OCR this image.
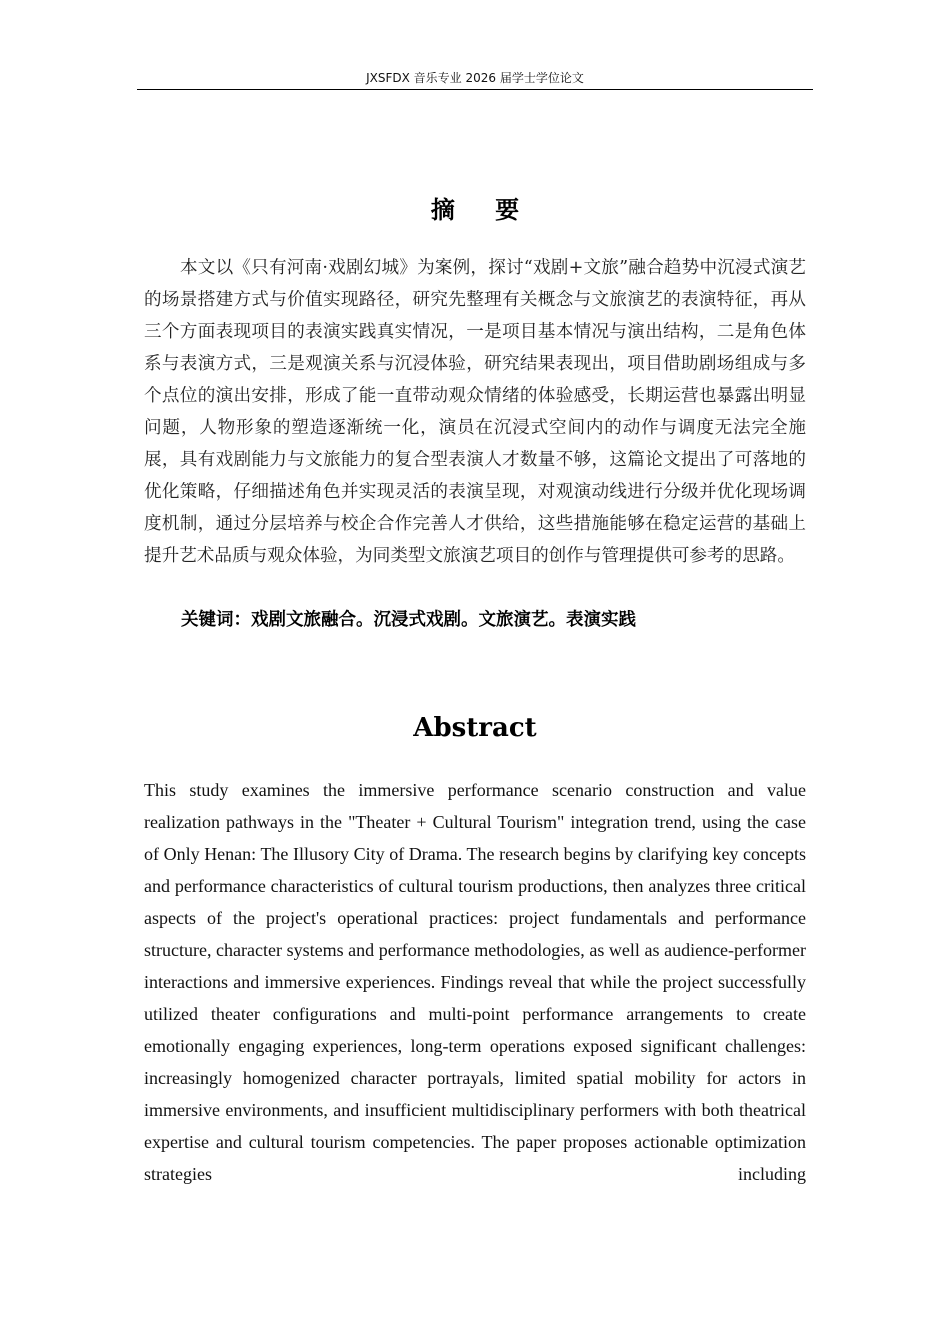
JXSFDX 音乐专业 2026 届学士学位论文
摘 要

本文以《只有河南·戏剧幻城》为案例，探讨“戏剧+文旅”融合趋势中沉浸式演艺的场景搭建方式与价值实现路径，研究先整理有关概念与文旅演艺的表演特征，再从三个方面表现项目的表演实践真实情况，一是项目基本情况与演出结构，二是角色体系与表演方式，三是观演关系与沉浸体验，研究结果表现出，项目借助剧场组成与多个点位的演出安排，形成了能一直带动观众情绪的体验感受，长期运营也暴露出明显问题，人物形象的塑造逐渐统一化，演员在沉浸式空间内的动作与调度无法完全施展，具有戏剧能力与文旅能力的复合型表演人才数量不够，这篇论文提出了可落地的优化策略，仔细描述角色并实现灵活的表演呈现，对观演动线进行分级并优化现场调度机制，通过分层培养与校企合作完善人才供给，这些措施能够在稳定运营的基础上提升艺术品质与观众体验，为同类型文旅演艺项目的创作与管理提供可参考的思路。

关键词：戏剧文旅融合。沉浸式戏剧。文旅演艺。表演实践

Abstract

This study examines the immersive performance scenario construction and value realization pathways in the "Theater + Cultural Tourism" integration trend, using the case of Only Henan: The Illusory City of Drama. The research begins by clarifying key concepts and performance characteristics of cultural tourism productions, then analyzes three critical aspects of the project's operational practices: project fundamentals and performance structure, character systems and performance methodologies, as well as audience-performer interactions and immersive experiences. Findings reveal that while the project successfully utilized theater configurations and multi-point performance arrangements to create emotionally engaging experiences, long-term operations exposed significant challenges: increasingly homogenized character portrayals, limited spatial mobility for actors in immersive environments, and insufficient multidisciplinary performers with both theatrical expertise and cultural tourism competencies. The paper proposes actionable optimization strategies including
